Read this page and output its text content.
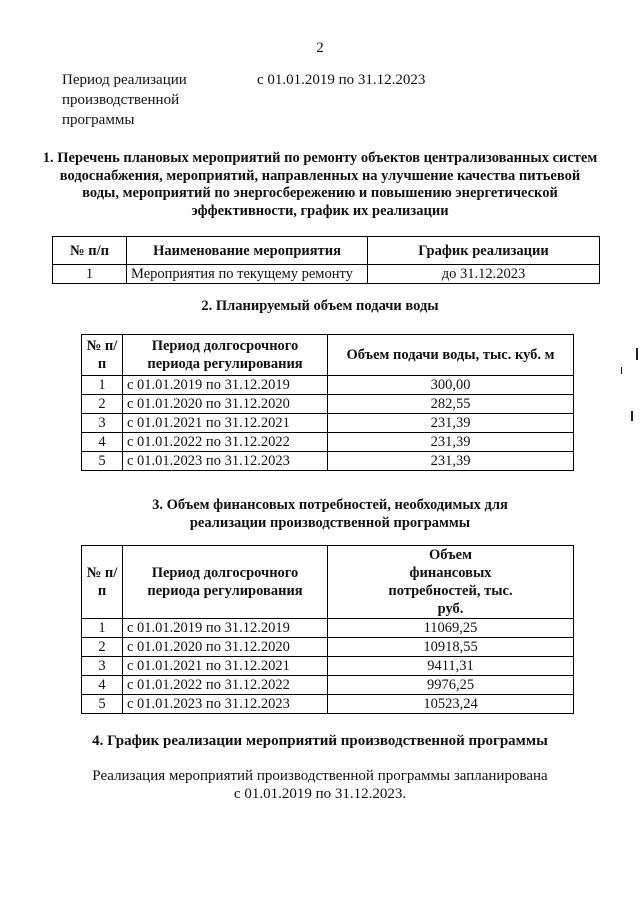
2
Период реализации производственной программы
с 01.01.2019 по 31.12.2023
1. Перечень плановых мероприятий по ремонту объектов централизованных систем водоснабжения, мероприятий, направленных на улучшение качества питьевой воды, мероприятий по энергосбережению и повышению энергетической эффективности, график их реализации
№ п/п	Наименование мероприятия	График реализации
1	Мероприятия по текущему ремонту	до 31.12.2023
2. Планируемый объем подачи воды
№ п/п	Период долгосрочного периода регулирования	Объем подачи воды, тыс. куб. м
1	с 01.01.2019 по 31.12.2019	300,00
2	с 01.01.2020 по 31.12.2020	282,55
3	с 01.01.2021 по 31.12.2021	231,39
4	с 01.01.2022 по 31.12.2022	231,39
5	с 01.01.2023 по 31.12.2023	231,39
3. Объем финансовых потребностей, необходимых для реализации производственной программы
№ п/п	Период долгосрочного периода регулирования	Объем финансовых потребностей, тыс. руб.
1	с 01.01.2019 по 31.12.2019	11069,25
2	с 01.01.2020 по 31.12.2020	10918,55
3	с 01.01.2021 по 31.12.2021	9411,31
4	с 01.01.2022 по 31.12.2022	9976,25
5	с 01.01.2023 по 31.12.2023	10523,24
4. График реализации мероприятий производственной программы
Реализация мероприятий производственной программы запланирована
с 01.01.2019 по 31.12.2023.
